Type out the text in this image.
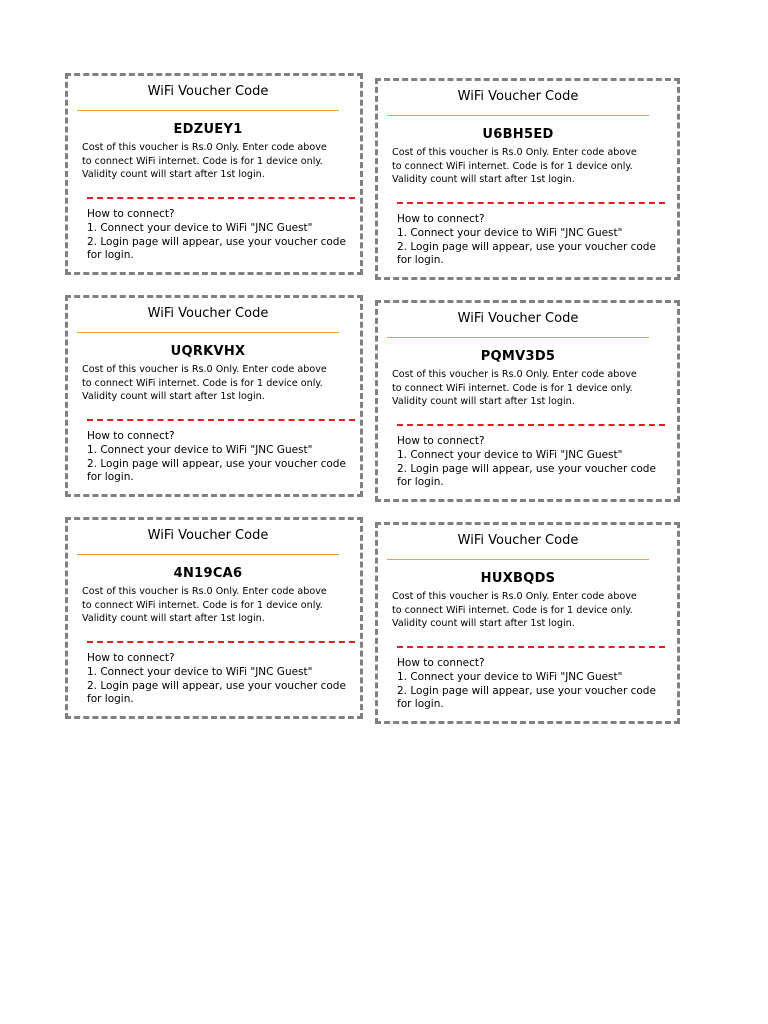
WiFi Voucher Code
EDZUEY1
Cost of this voucher is Rs.0 Only. Enter code above
to connect WiFi internet. Code is for 1 device only.
Validity count will start after 1st login.
How to connect?
1. Connect your device to WiFi "JNC Guest"
2. Login page will appear, use your voucher code
for login.
WiFi Voucher Code
U6BH5ED
Cost of this voucher is Rs.0 Only. Enter code above
to connect WiFi internet. Code is for 1 device only.
Validity count will start after 1st login.
How to connect?
1. Connect your device to WiFi "JNC Guest"
2. Login page will appear, use your voucher code
for login.
WiFi Voucher Code
UQRKVHX
Cost of this voucher is Rs.0 Only. Enter code above
to connect WiFi internet. Code is for 1 device only.
Validity count will start after 1st login.
How to connect?
1. Connect your device to WiFi "JNC Guest"
2. Login page will appear, use your voucher code
for login.
WiFi Voucher Code
PQMV3D5
Cost of this voucher is Rs.0 Only. Enter code above
to connect WiFi internet. Code is for 1 device only.
Validity count will start after 1st login.
How to connect?
1. Connect your device to WiFi "JNC Guest"
2. Login page will appear, use your voucher code
for login.
WiFi Voucher Code
4N19CA6
Cost of this voucher is Rs.0 Only. Enter code above
to connect WiFi internet. Code is for 1 device only.
Validity count will start after 1st login.
How to connect?
1. Connect your device to WiFi "JNC Guest"
2. Login page will appear, use your voucher code
for login.
WiFi Voucher Code
HUXBQDS
Cost of this voucher is Rs.0 Only. Enter code above
to connect WiFi internet. Code is for 1 device only.
Validity count will start after 1st login.
How to connect?
1. Connect your device to WiFi "JNC Guest"
2. Login page will appear, use your voucher code
for login.
